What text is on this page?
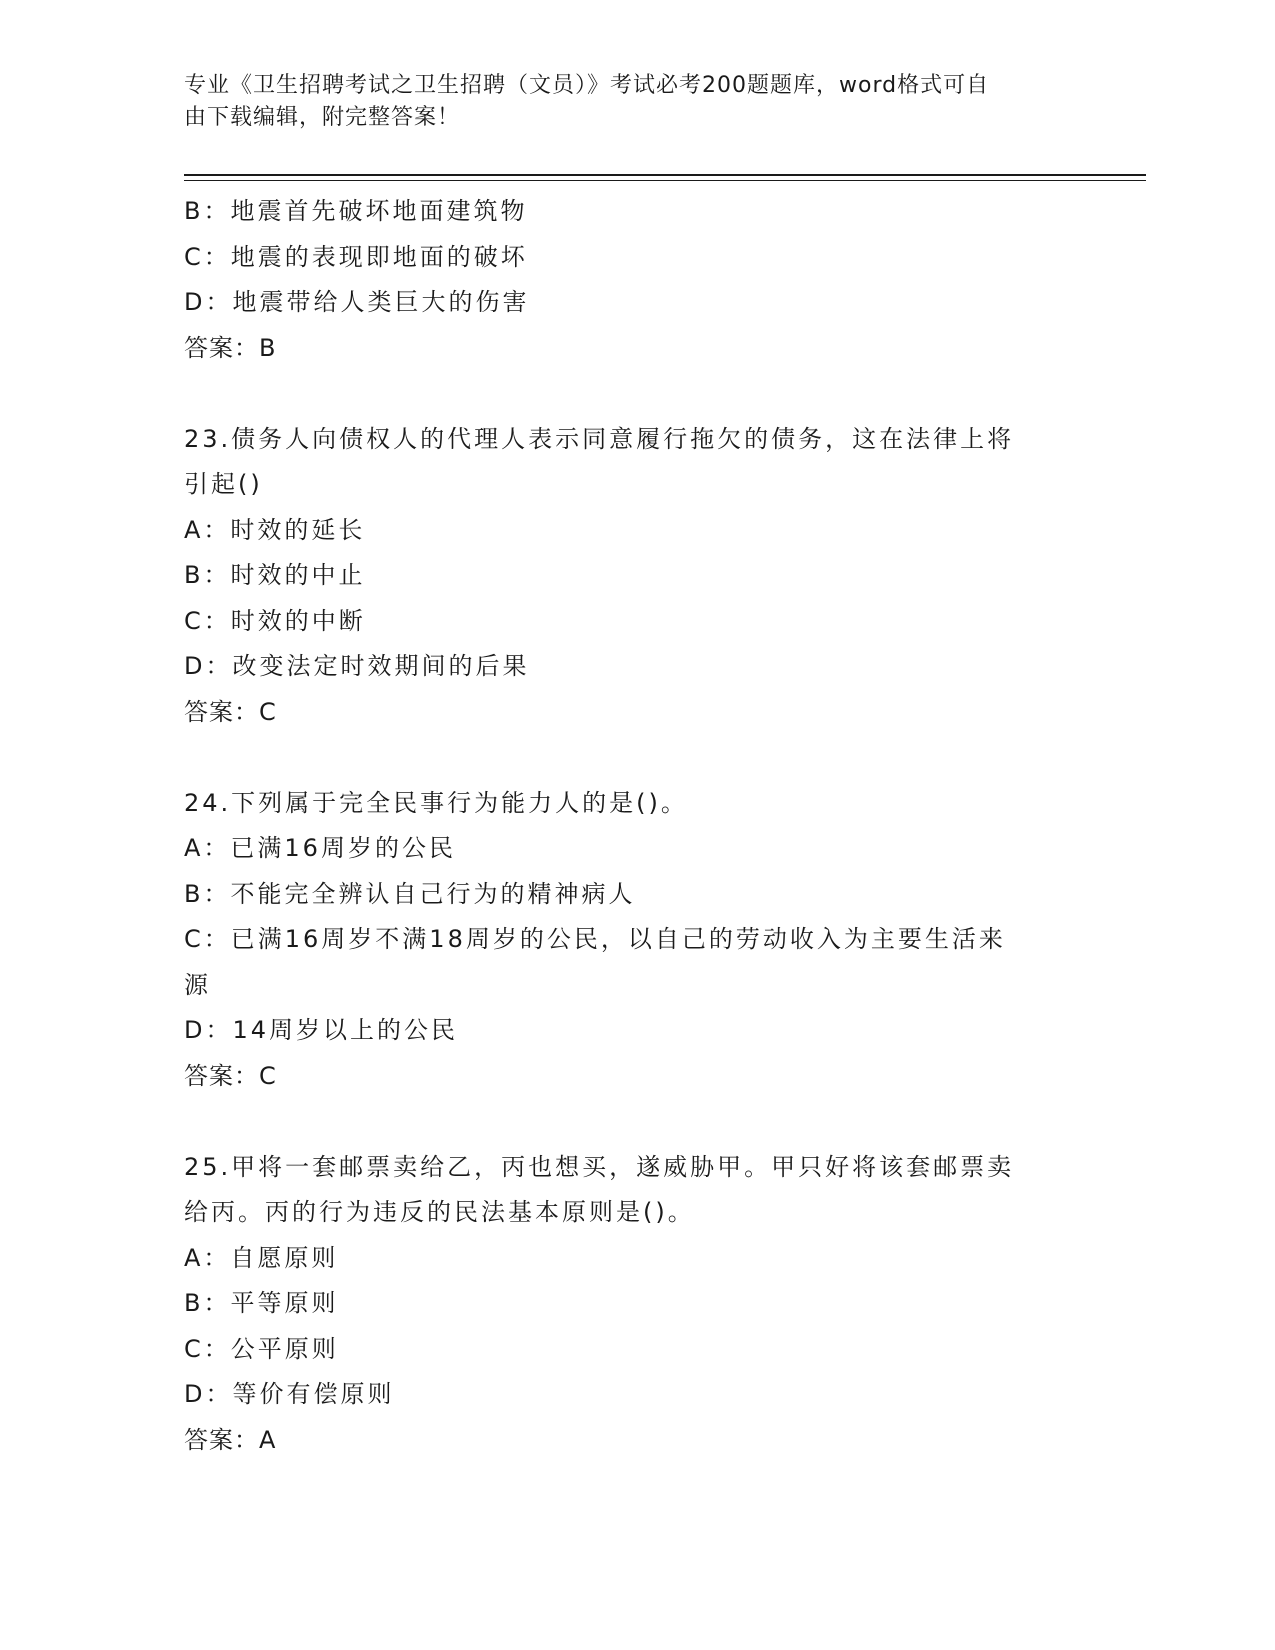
专业《卫生招聘考试之卫生招聘（文员）》考试必考200题题库，word格式可自
由下载编辑，附完整答案！
B：地震首先破坏地面建筑物
C：地震的表现即地面的破坏
D：地震带给人类巨大的伤害
答案：B
23.债务人向债权人的代理人表示同意履行拖欠的债务，这在法律上将
引起()
A：时效的延长
B：时效的中止
C：时效的中断
D：改变法定时效期间的后果
答案：C
24.下列属于完全民事行为能力人的是()。
A：已满16周岁的公民
B：不能完全辨认自己行为的精神病人
C：已满16周岁不满18周岁的公民，以自己的劳动收入为主要生活来
源
D：14周岁以上的公民
答案：C
25.甲将一套邮票卖给乙，丙也想买，遂威胁甲。甲只好将该套邮票卖
给丙。丙的行为违反的民法基本原则是()。
A：自愿原则
B：平等原则
C：公平原则
D：等价有偿原则
答案：A
